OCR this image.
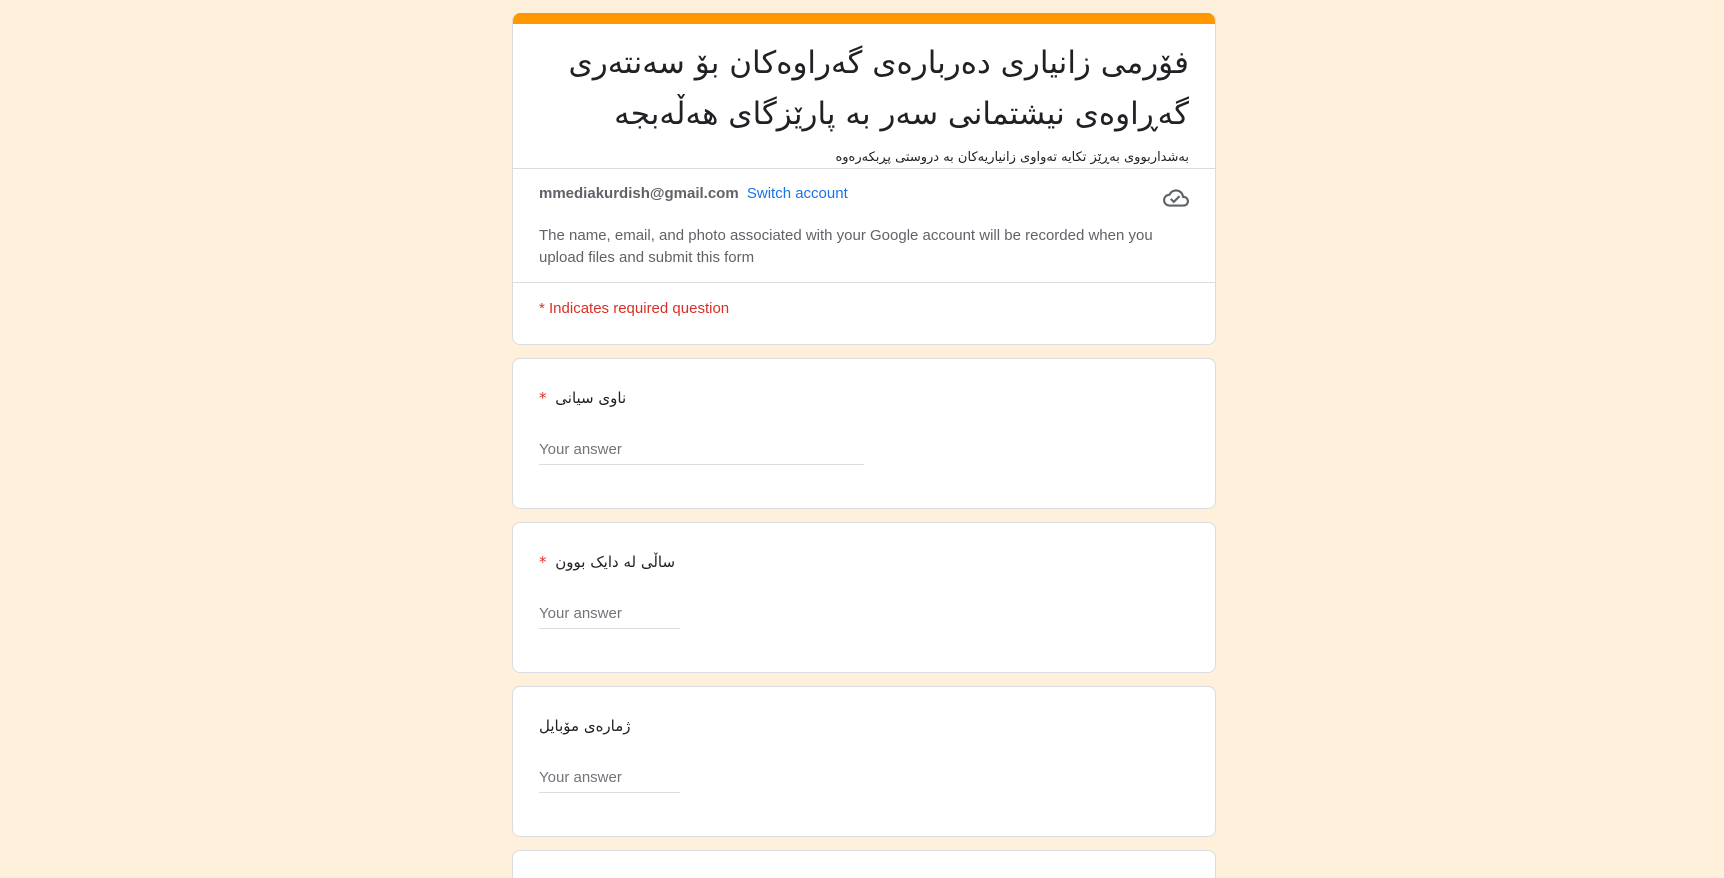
فۆرمی زانیاری دەربارەی گەراوەکان بۆ سەنتەری گەڕاوەی نیشتمانی سەر بە پارێزگای هەڵەبجە
بەشداربووی بەڕێز تکایە تەواوی زانیاریەکان بە دروستی پڕبکەرەوە
mmediakurdish@gmail.com Switch account
The name, email, and photo associated with your Google account will be recorded when you upload files and submit this form
* Indicates required question
ناوی سیانی *
Your answer
ساڵی لە دایک بوون *
Your answer
ژمارەی مۆبایل
Your answer
